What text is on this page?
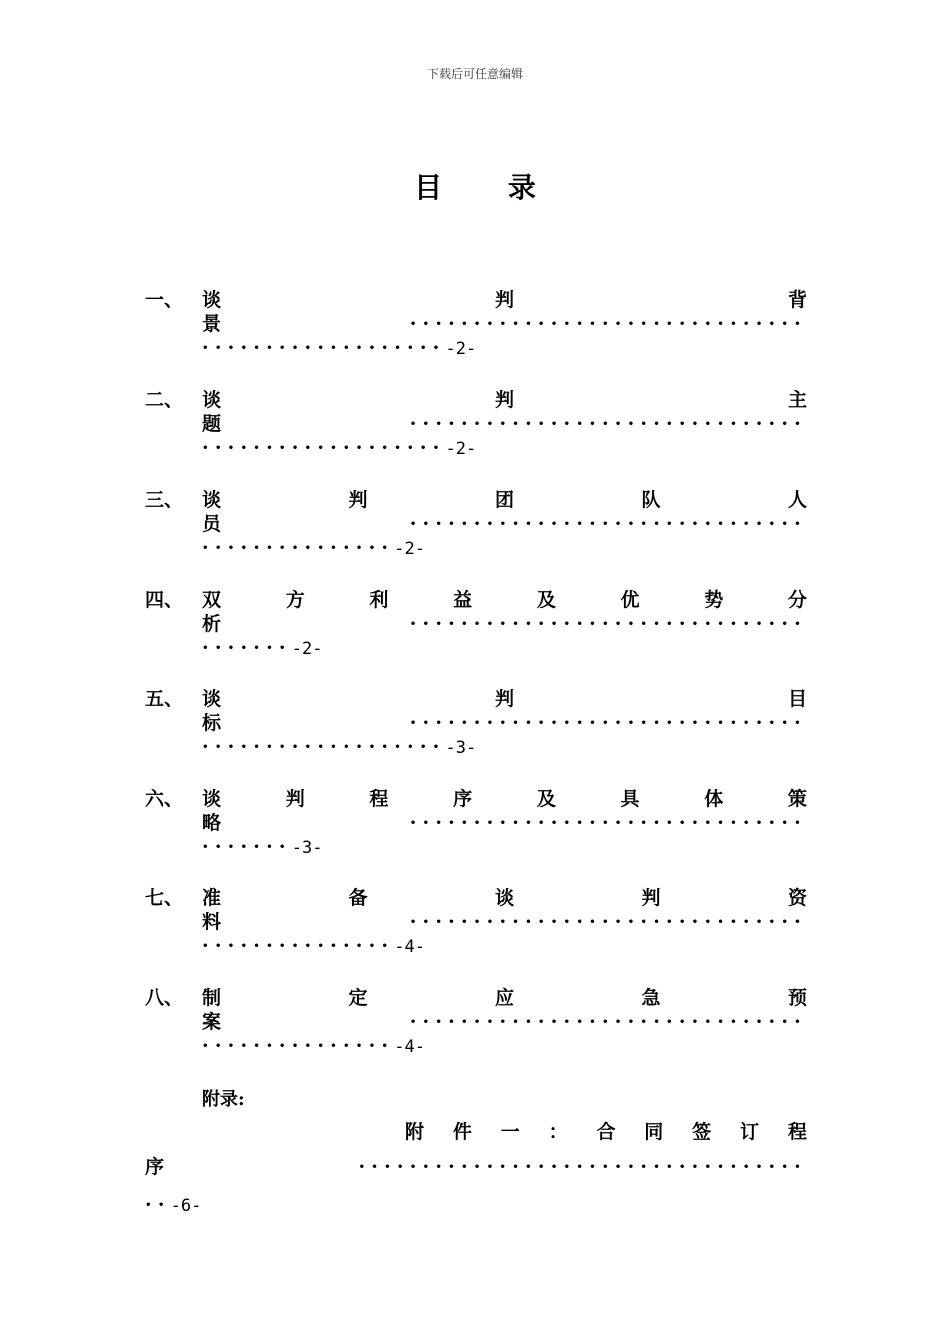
下载后可任意编辑
目 录
一、 谈	判	背
景	·······························
···················-2-
二、 谈	判	主
题	·······························
···················-2-
三、 谈	判	团	队	人
员	·······························
···············-2-
四、 双	方	利	益	及	优	势	分
析	·······························
·······-2-
五、 谈	判	目
标	·······························
···················-3-
六、 谈	判	程	序	及	具	体	策
略	·······························
·······-3-
七、 准	备	谈	判	资
料	·······························
···············-4-
八、 制	定	应	急	预
案	·······························
···············-4-
附录:
附 件 一 ： 合 同 签 订 程
序	···································
··-6-
